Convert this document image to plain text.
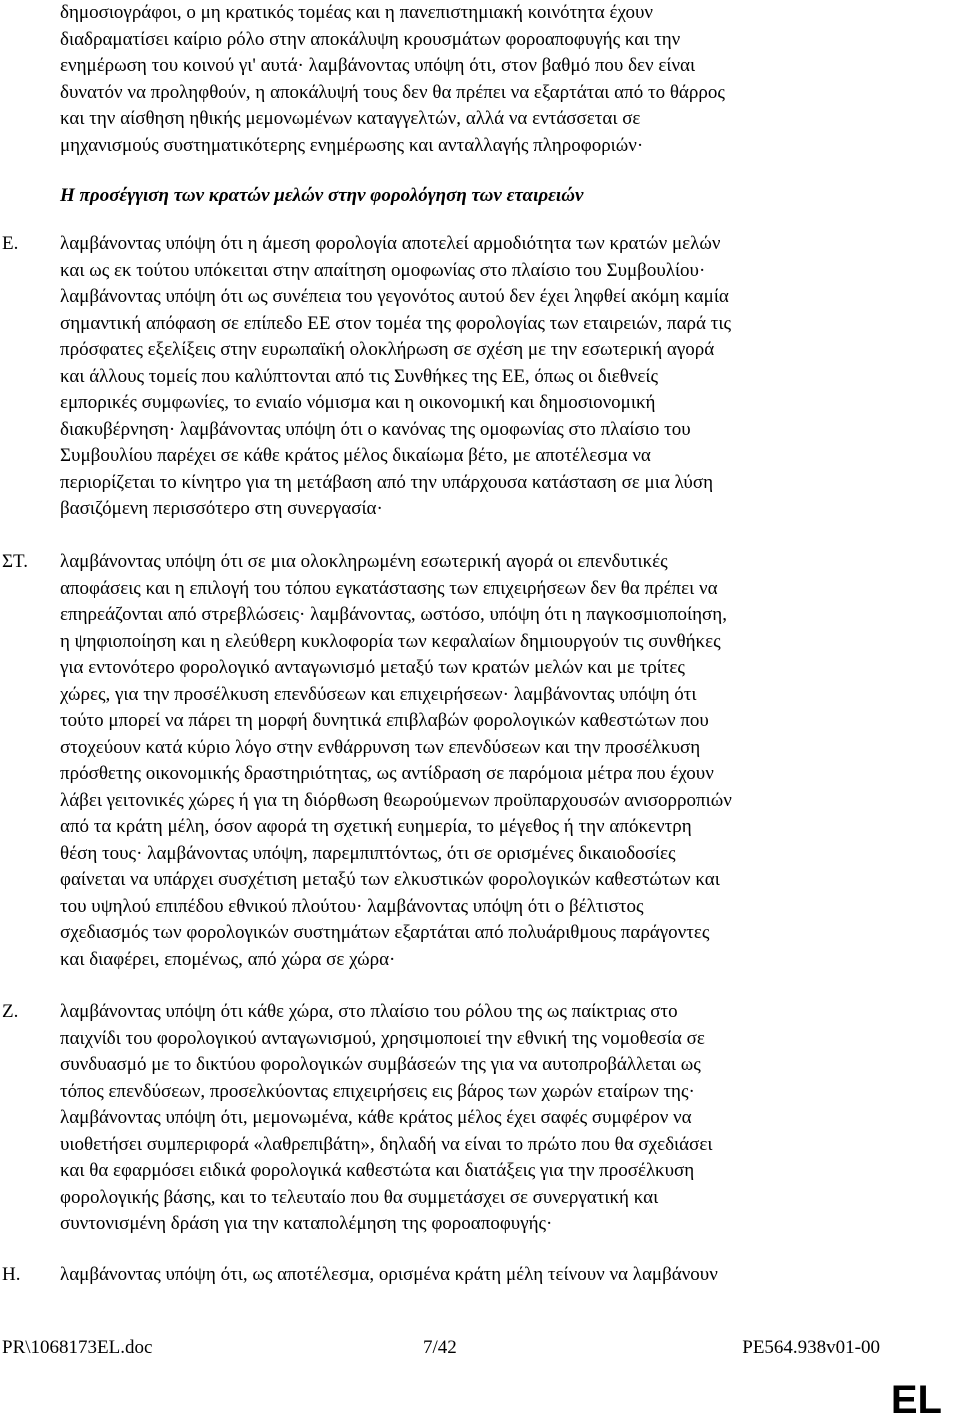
δημοσιογράφοι, ο μη κρατικός τομέας και η πανεπιστημιακή κοινότητα έχουν
διαδραματίσει καίριο ρόλο στην αποκάλυψη κρουσμάτων φοροαποφυγής και την
ενημέρωση του κοινού γι' αυτά· λαμβάνοντας υπόψη ότι, στον βαθμό που δεν είναι
δυνατόν να προληφθούν, η αποκάλυψή τους δεν θα πρέπει να εξαρτάται από το θάρρος
και την αίσθηση ηθικής μεμονωμένων καταγγελτών, αλλά να εντάσσεται σε
μηχανισμούς συστηματικότερης ενημέρωσης και ανταλλαγής πληροφοριών·
Η προσέγγιση των κρατών μελών στην φορολόγηση των εταιρειών
Ε. λαμβάνοντας υπόψη ότι η άμεση φορολογία αποτελεί αρμοδιότητα των κρατών μελών
και ως εκ τούτου υπόκειται στην απαίτηση ομοφωνίας στο πλαίσιο του Συμβουλίου·
λαμβάνοντας υπόψη ότι ως συνέπεια του γεγονότος αυτού δεν έχει ληφθεί ακόμη καμία
σημαντική απόφαση σε επίπεδο ΕΕ στον τομέα της φορολογίας των εταιρειών, παρά τις
πρόσφατες εξελίξεις στην ευρωπαϊκή ολοκλήρωση σε σχέση με την εσωτερική αγορά
και άλλους τομείς που καλύπτονται από τις Συνθήκες της ΕΕ, όπως οι διεθνείς
εμπορικές συμφωνίες, το ενιαίο νόμισμα και η οικονομική και δημοσιονομική
διακυβέρνηση· λαμβάνοντας υπόψη ότι ο κανόνας της ομοφωνίας στο πλαίσιο του
Συμβουλίου παρέχει σε κάθε κράτος μέλος δικαίωμα βέτο, με αποτέλεσμα να
περιορίζεται το κίνητρο για τη μετάβαση από την υπάρχουσα κατάσταση σε μια λύση
βασιζόμενη περισσότερο στη συνεργασία·
ΣΤ. λαμβάνοντας υπόψη ότι σε μια ολοκληρωμένη εσωτερική αγορά οι επενδυτικές
αποφάσεις και η επιλογή του τόπου εγκατάστασης των επιχειρήσεων δεν θα πρέπει να
επηρεάζονται από στρεβλώσεις· λαμβάνοντας, ωστόσο, υπόψη ότι η παγκοσμιοποίηση,
η ψηφιοποίηση και η ελεύθερη κυκλοφορία των κεφαλαίων δημιουργούν τις συνθήκες
για εντονότερο φορολογικό ανταγωνισμό μεταξύ των κρατών μελών και με τρίτες
χώρες, για την προσέλκυση επενδύσεων και επιχειρήσεων· λαμβάνοντας υπόψη ότι
τούτο μπορεί να πάρει τη μορφή δυνητικά επιβλαβών φορολογικών καθεστώτων που
στοχεύουν κατά κύριο λόγο στην ενθάρρυνση των επενδύσεων και την προσέλκυση
πρόσθετης οικονομικής δραστηριότητας, ως αντίδραση σε παρόμοια μέτρα που έχουν
λάβει γειτονικές χώρες ή για τη διόρθωση θεωρούμενων προϋπαρχουσών ανισορροπιών
από τα κράτη μέλη, όσον αφορά τη σχετική ευημερία, το μέγεθος ή την απόκεντρη
θέση τους· λαμβάνοντας υπόψη, παρεμπιπτόντως, ότι σε ορισμένες δικαιοδοσίες
φαίνεται να υπάρχει συσχέτιση μεταξύ των ελκυστικών φορολογικών καθεστώτων και
του υψηλού επιπέδου εθνικού πλούτου· λαμβάνοντας υπόψη ότι ο βέλτιστος
σχεδιασμός των φορολογικών συστημάτων εξαρτάται από πολυάριθμους παράγοντες
και διαφέρει, επομένως, από χώρα σε χώρα·
Ζ. λαμβάνοντας υπόψη ότι κάθε χώρα, στο πλαίσιο του ρόλου της ως παίκτριας στο
παιχνίδι του φορολογικού ανταγωνισμού, χρησιμοποιεί την εθνική της νομοθεσία σε
συνδυασμό με το δικτύου φορολογικών συμβάσεών της για να αυτοπροβάλλεται ως
τόπος επενδύσεων, προσελκύοντας επιχειρήσεις εις βάρος των χωρών εταίρων της·
λαμβάνοντας υπόψη ότι, μεμονωμένα, κάθε κράτος μέλος έχει σαφές συμφέρον να
υιοθετήσει συμπεριφορά «λαθρεπιβάτη», δηλαδή να είναι το πρώτο που θα σχεδιάσει
και θα εφαρμόσει ειδικά φορολογικά καθεστώτα και διατάξεις για την προσέλκυση
φορολογικής βάσης, και το τελευταίο που θα συμμετάσχει σε συνεργατική και
συντονισμένη δράση για την καταπολέμηση της φοροαποφυγής·
Η. λαμβάνοντας υπόψη ότι, ως αποτέλεσμα, ορισμένα κράτη μέλη τείνουν να λαμβάνουν
PR\1068173EL.doc	7/42	PE564.938v01-00
EL
